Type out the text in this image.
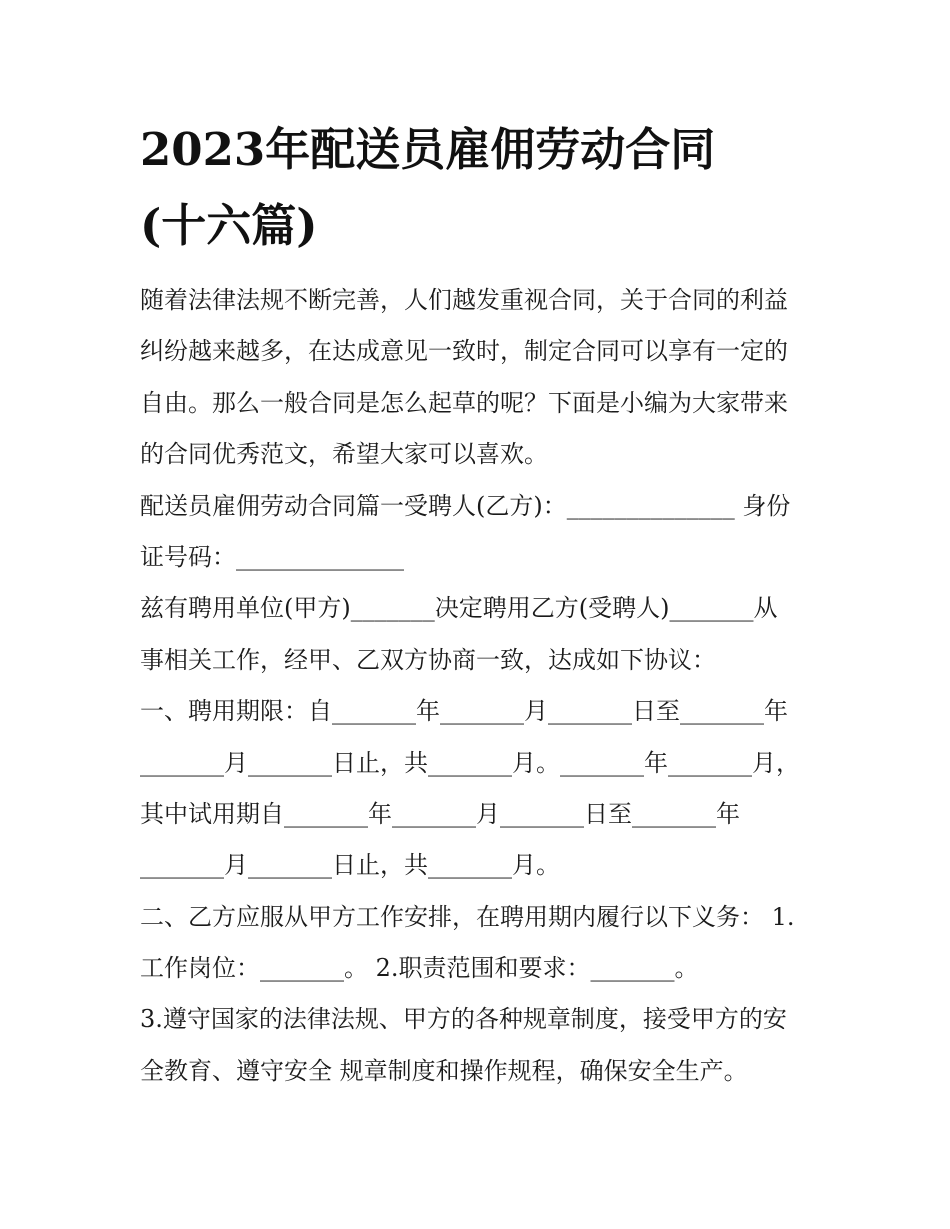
2023年配送员雇佣劳动合同
(十六篇)
随着法律法规不断完善，人们越发重视合同，关于合同的利益
纠纷越来越多，在达成意见一致时，制定合同可以享有一定的
自由。那么一般合同是怎么起草的呢？下面是小编为大家带来
的合同优秀范文，希望大家可以喜欢。
配送员雇佣劳动合同篇一受聘人(乙方)：______________ 身份
证号码：______________
兹有聘用单位(甲方)_______决定聘用乙方(受聘人)_______从
事相关工作，经甲、乙双方协商一致，达成如下协议：
一、聘用期限：自_______年_______月_______日至_______年
_______月_______日止，共_______月。_______年_______月，
其中试用期自_______年_______月_______日至_______年
_______月_______日止，共_______月。
二、乙方应服从甲方工作安排，在聘用期内履行以下义务： 1.
工作岗位：_______。 2.职责范围和要求：_______。
3.遵守国家的法律法规、甲方的各种规章制度，接受甲方的安
全教育、遵守安全 规章制度和操作规程，确保安全生产。
